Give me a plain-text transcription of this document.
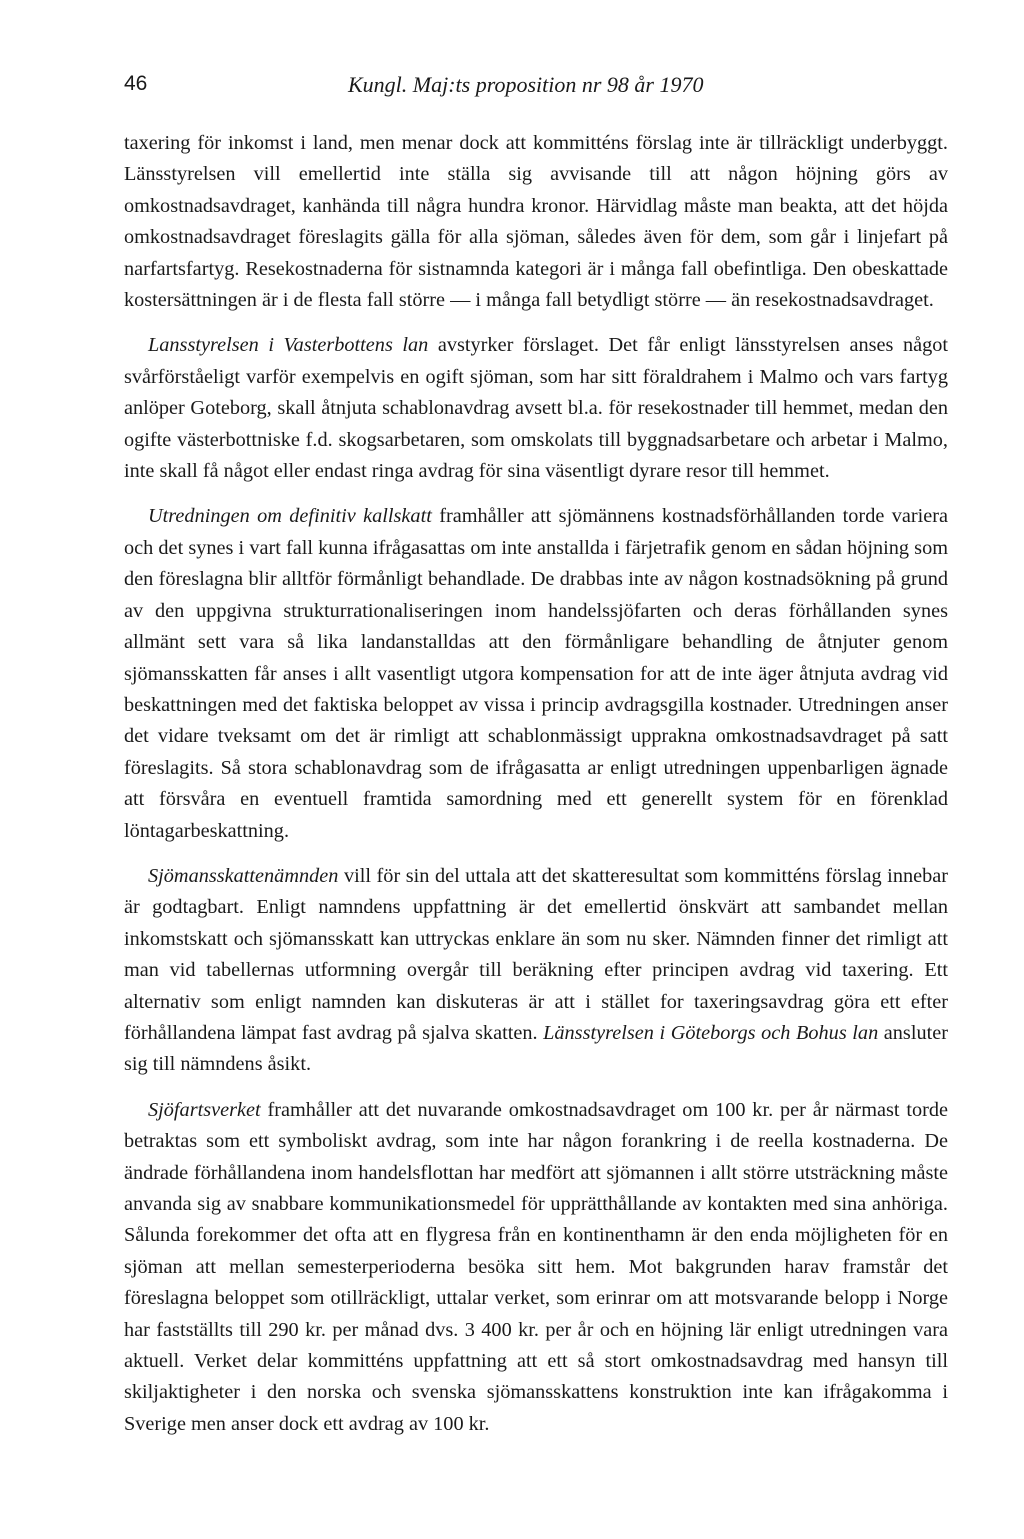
46	Kungl. Maj:ts proposition nr 98 år 1970

taxering för inkomst i land, men menar dock att kommitténs förslag inte är tillräckligt underbyggt. Länsstyrelsen vill emellertid inte ställa sig avvisande till att någon höjning görs av omkostnadsavdraget, kanhända till några hundra kronor. Härvidlag måste man beakta, att det höjda omkostnadsavdraget föreslagits gälla för alla sjöman, således även för dem, som går i linjefart på narfartsfartyg. Resekostnaderna för sistnamnda kategori är i många fall obefintliga. Den obeskattade kostersättningen är i de flesta fall större — i många fall betydligt större — än resekostnadsavdraget.

Lansstyrelsen i Vasterbottens lan avstyrker förslaget. Det får enligt länsstyrelsen anses något svårförståeligt varför exempelvis en ogift sjöman, som har sitt föraldrahem i Malmo och vars fartyg anlöper Goteborg, skall åtnjuta schablonavdrag avsett bl.a. för resekostnader till hemmet, medan den ogifte västerbottniske f.d. skogsarbetaren, som omskolats till byggnadsarbetare och arbetar i Malmo, inte skall få något eller endast ringa avdrag för sina väsentligt dyrare resor till hemmet.

Utredningen om definitiv kallskatt framhåller att sjömännens kostnadsförhållanden torde variera och det synes i vart fall kunna ifrågasattas om inte anstallda i färjetrafik genom en sådan höjning som den föreslagna blir alltför förmånligt behandlade. De drabbas inte av någon kostnadsökning på grund av den uppgivna strukturrationaliseringen inom handelssjöfarten och deras förhållanden synes allmänt sett vara så lika landanstalldas att den förmånligare behandling de åtnjuter genom sjömansskatten får anses i allt vasentligt utgora kompensation for att de inte äger åtnjuta avdrag vid beskattningen med det faktiska beloppet av vissa i princip avdragsgilla kostnader. Utredningen anser det vidare tveksamt om det är rimligt att schablonmässigt upprakna omkostnadsavdraget på satt föreslagits. Så stora schablonavdrag som de ifrågasatta ar enligt utredningen uppenbarligen ägnade att försvåra en eventuell framtida samordning med ett generellt system för en förenklad löntagarbeskattning.

Sjömansskattenämnden vill för sin del uttala att det skatteresultat som kommitténs förslag innebar är godtagbart. Enligt namndens uppfattning är det emellertid önskvärt att sambandet mellan inkomstskatt och sjömansskatt kan uttryckas enklare än som nu sker. Nämnden finner det rimligt att man vid tabellernas utformning overgår till beräkning efter principen avdrag vid taxering. Ett alternativ som enligt namnden kan diskuteras är att i stället for taxeringsavdrag göra ett efter förhållandena lämpat fast avdrag på sjalva skatten. Länsstyrelsen i Göteborgs och Bohus lan ansluter sig till nämndens åsikt.

Sjöfartsverket framhåller att det nuvarande omkostnadsavdraget om 100 kr. per år närmast torde betraktas som ett symboliskt avdrag, som inte har någon forankring i de reella kostnaderna. De ändrade förhållandena inom handelsflottan har medfört att sjömannen i allt större utsträckning måste anvanda sig av snabbare kommunikationsmedel för upprätthållande av kontakten med sina anhöriga. Sålunda forekommer det ofta att en flygresa från en kontinenthamn är den enda möjligheten för en sjöman att mellan semesterperioderna besöka sitt hem. Mot bakgrunden harav framstår det föreslagna beloppet som otillräckligt, uttalar verket, som erinrar om att motsvarande belopp i Norge har fastställts till 290 kr. per månad dvs. 3 400 kr. per år och en höjning lär enligt utredningen vara aktuell. Verket delar kommitténs uppfattning att ett så stort omkostnadsavdrag med hansyn till skiljaktigheter i den norska och svenska sjömansskattens konstruktion inte kan ifrågakomma i Sverige men anser dock ett avdrag av 100 kr.
